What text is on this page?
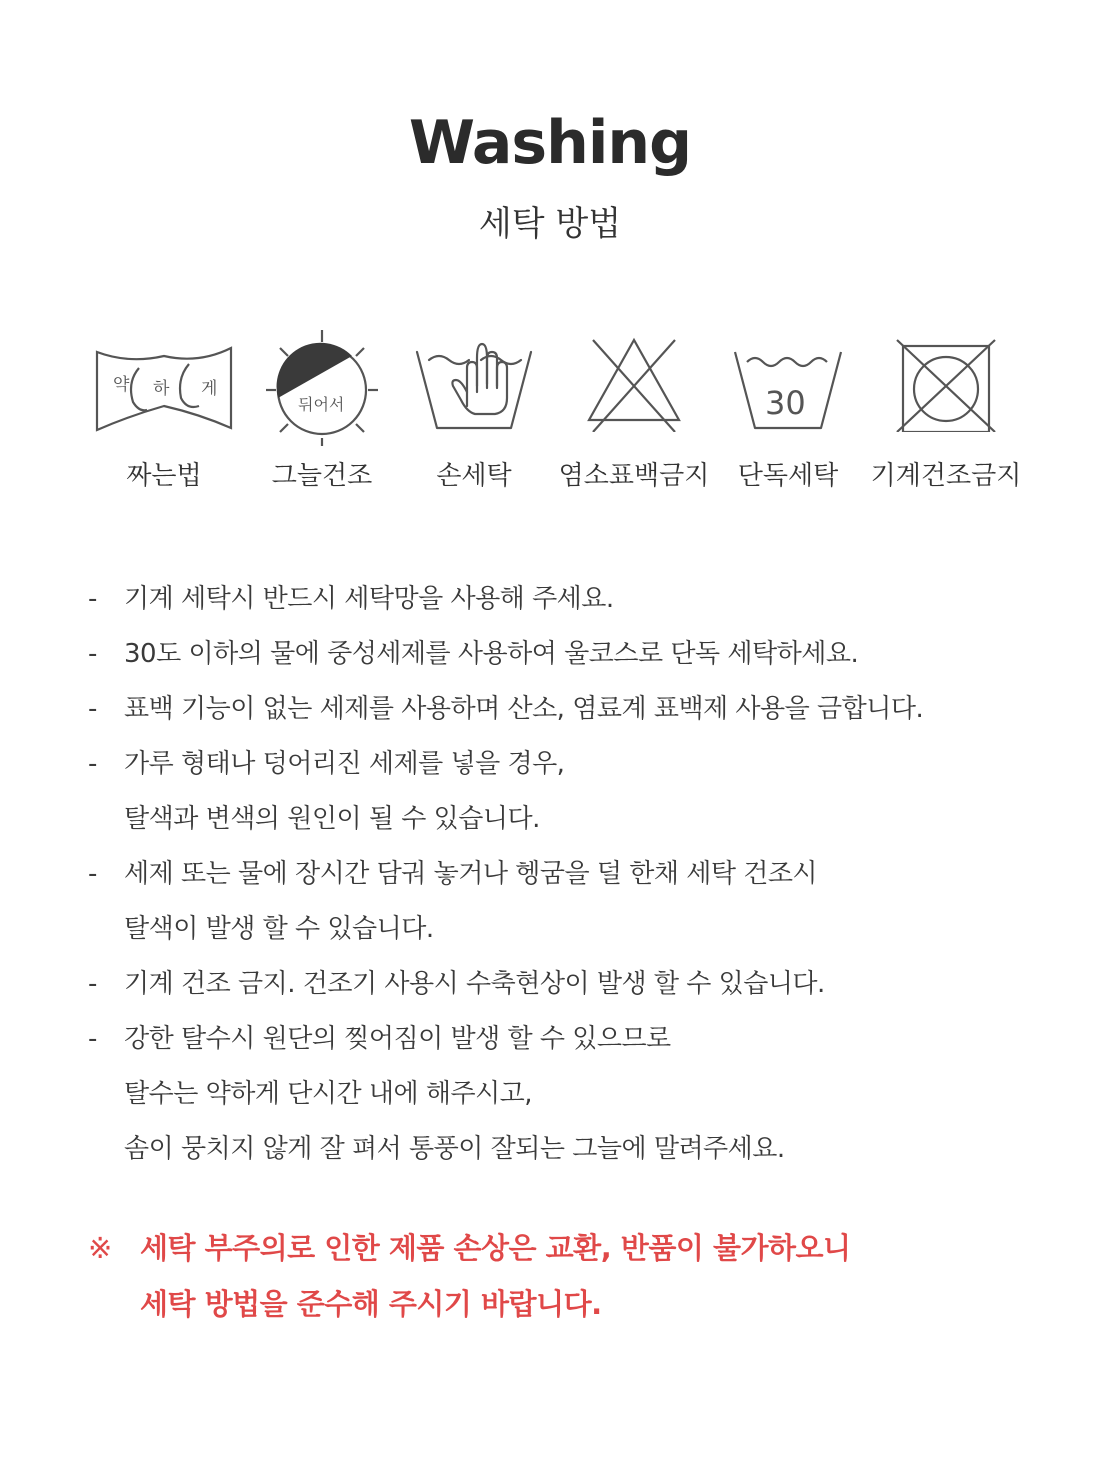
Washing
세탁 방법
약 하 게
짜는법
뒤어서
그늘건조	손세탁	염소표백금지
30
단독세탁	기계건조금지
- 기계 세탁시 반드시 세탁망을 사용해 주세요.
- 30도 이하의 물에 중성세제를 사용하여 울코스로 단독 세탁하세요.
- 표백 기능이 없는 세제를 사용하며 산소, 염료계 표백제 사용을 금합니다.
- 가루 형태나 덩어리진 세제를 넣을 경우,
탈색과 변색의 원인이 될 수 있습니다.
- 세제 또는 물에 장시간 담궈 놓거나 헹굼을 덜 한채 세탁 건조시
탈색이 발생 할 수 있습니다.
- 기계 건조 금지. 건조기 사용시 수축현상이 발생 할 수 있습니다.
- 강한 탈수시 원단의 찢어짐이 발생 할 수 있으므로
탈수는 약하게 단시간 내에 해주시고,
솜이 뭉치지 않게 잘 펴서 통풍이 잘되는 그늘에 말려주세요.
※ 세탁 부주의로 인한 제품 손상은 교환, 반품이 불가하오니
세탁 방법을 준수해 주시기 바랍니다.
